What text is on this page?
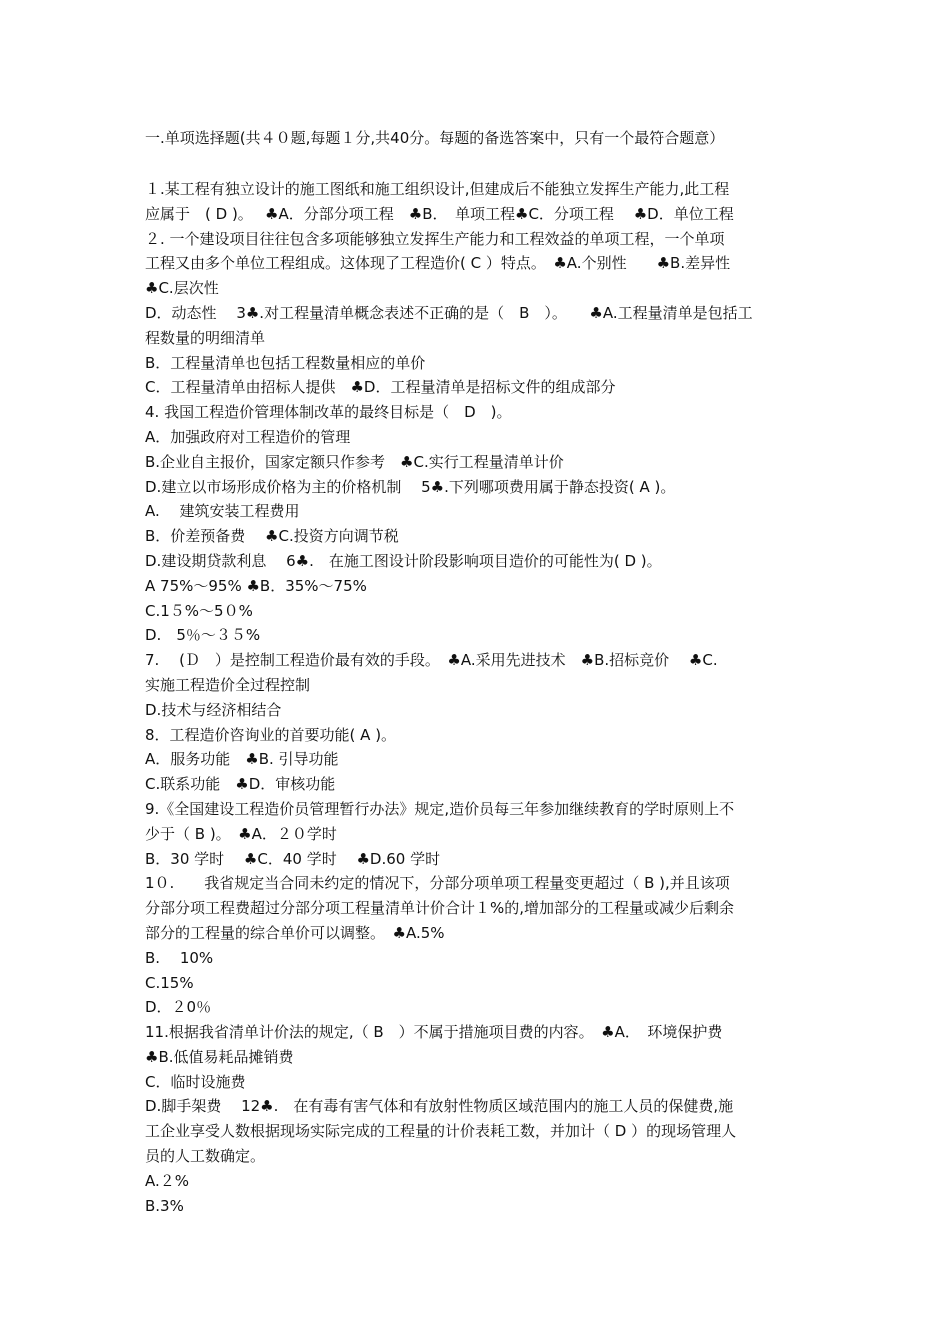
一.单项选择题(共４０题,每题１分,共40分。每题的备选答案中，只有一个最符合题意）
１.某工程有独立设计的施工图纸和施工组织设计,但建成后不能独立发挥生产能力,此工程
应属于　( D )。　 ♣A．分部分项工程　♣B．　单项工程♣C．分项工程　 ♣D．单位工程
２. 一个建设项目往往包含多项能够独立发挥生产能力和工程效益的单项工程，一个单项
工程又由多个单位工程组成。这体现了工程造价( C ）特点。　♣A.个别性　　♣B.差异性
♣C.层次性
D．动态性　 3♣.对工程量清单概念表述不正确的是（　B　）。　　♣A.工程量清单是包括工
程数量的明细清单
B．工程量清单也包括工程数量相应的单价
C．工程量清单由招标人提供　♣D．工程量清单是招标文件的组成部分
4. 我国工程造价管理体制改革的最终目标是（　D　)。
A．加强政府对工程造价的管理
B.企业自主报价，国家定额只作参考　♣C.实行工程量清单计价
D.建立以市场形成价格为主的价格机制　 5♣.下列哪项费用属于静态投资( A )。
A.　 建筑安装工程费用
B．价差预备费　 ♣C.投资方向调节税
D.建设期贷款利息　 6♣.　在施工图设计阶段影响项目造价的可能性为( D )。
A 75%～95% ♣B．35%～75%
C.1５%～5０%
D.　5％～３５%
7.　 (Ｄ　）是控制工程造价最有效的手段。　♣A.采用先进技术　♣B.招标竞价　 ♣C.
实施工程造价全过程控制
D.技术与经济相结合
8．工程造价咨询业的首要功能( A )。
A．服务功能　♣B. 引导功能
C.联系功能　♣D．审核功能
9.《全国建设工程造价员管理暂行办法》规定,造价员每三年参加继续教育的学时原则上不
少于（ B )。　♣A．２０学时
B．30 学时　 ♣C．40 学时　 ♣D.60 学时
1０.　　我省规定当合同未约定的情况下，分部分项单项工程量变更超过（ B ),并且该项
分部分项工程费超过分部分项工程量清单计价合计１%的,增加部分的工程量或减少后剩余
部分的工程量的综合单价可以调整。　♣A.5%
B.　 10%
C.15%
D．２0％
11.根据我省清单计价法的规定,（ B　）不属于措施项目费的内容。　♣A．　环境保护费
♣B.低值易耗品摊销费
C．临时设施费
D.脚手架费　 12♣.　在有毒有害气体和有放射性物质区域范围内的施工人员的保健费,施
工企业享受人数根据现场实际完成的工程量的计价表耗工数，并加计（ D ）的现场管理人
员的人工数确定。
A.２%
B.3%
